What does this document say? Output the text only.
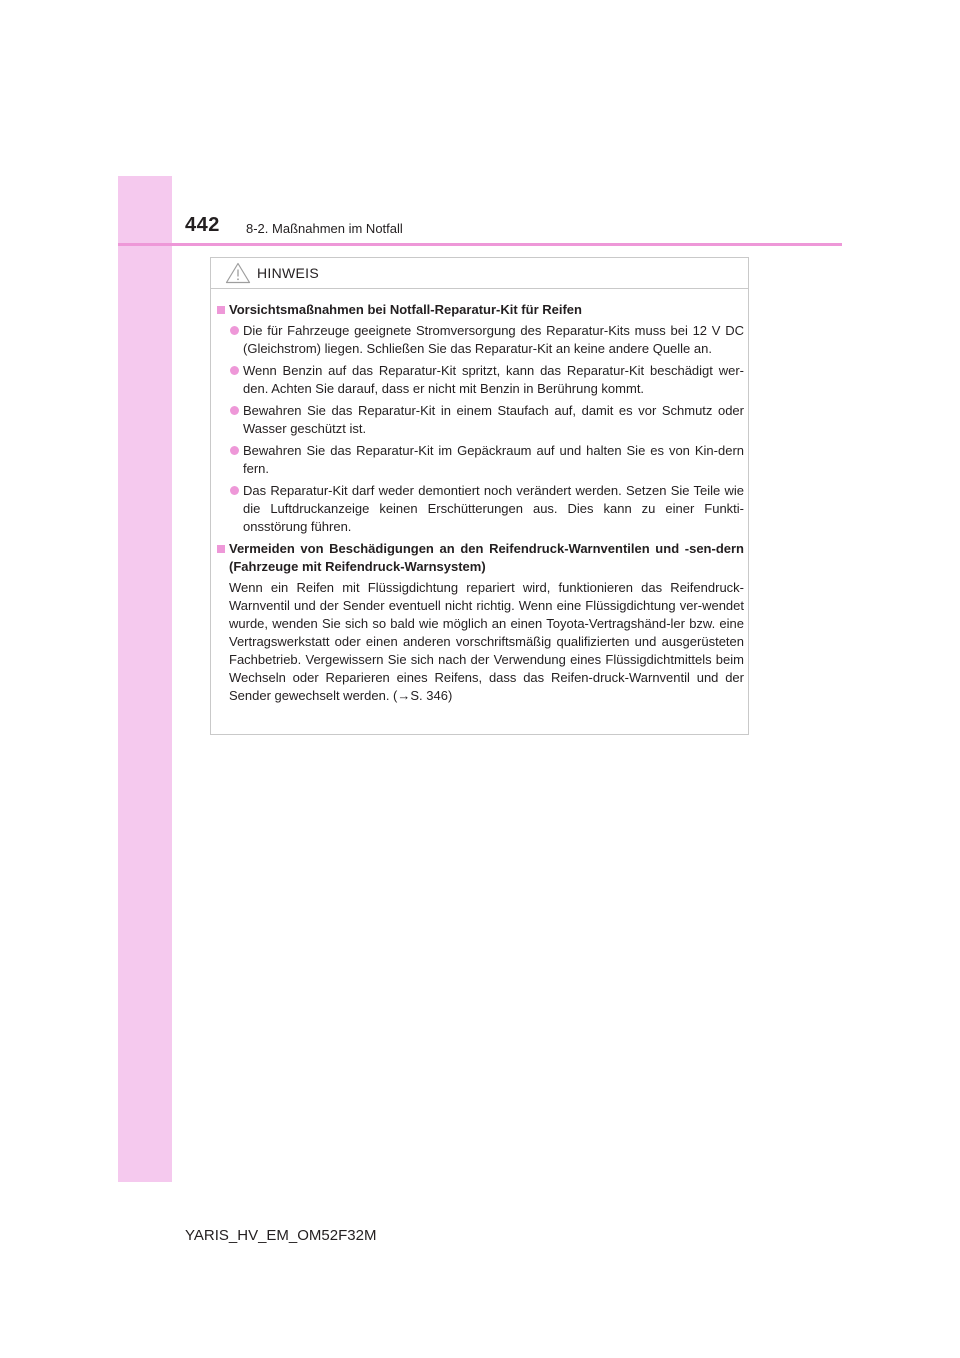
442 8-2. Maßnahmen im Notfall
HINWEIS
Vorsichtsmaßnahmen bei Notfall-Reparatur-Kit für Reifen
Die für Fahrzeuge geeignete Stromversorgung des Reparatur-Kits muss bei 12 V DC (Gleichstrom) liegen. Schließen Sie das Reparatur-Kit an keine andere Quelle an.
Wenn Benzin auf das Reparatur-Kit spritzt, kann das Reparatur-Kit beschädigt wer-den. Achten Sie darauf, dass er nicht mit Benzin in Berührung kommt.
Bewahren Sie das Reparatur-Kit in einem Staufach auf, damit es vor Schmutz oder Wasser geschützt ist.
Bewahren Sie das Reparatur-Kit im Gepäckraum auf und halten Sie es von Kin-dern fern.
Das Reparatur-Kit darf weder demontiert noch verändert werden. Setzen Sie Teile wie die Luftdruckanzeige keinen Erschütterungen aus. Dies kann zu einer Funkti-onsstörung führen.
Vermeiden von Beschädigungen an den Reifendruck-Warnventilen und -sen-dern (Fahrzeuge mit Reifendruck-Warnsystem)
Wenn ein Reifen mit Flüssigdichtung repariert wird, funktionieren das Reifendruck-Warnventil und der Sender eventuell nicht richtig. Wenn eine Flüssigdichtung ver-wendet wurde, wenden Sie sich so bald wie möglich an einen Toyota-Vertragshänd-ler bzw. eine Vertragswerkstatt oder einen anderen vorschriftsmäßig qualifizierten und ausgerüsteten Fachbetrieb. Vergewissern Sie sich nach der Verwendung eines Flüssigdichtmittels beim Wechseln oder Reparieren eines Reifens, dass das Reifen-druck-Warnventil und der Sender gewechselt werden. (→S. 346)
YARIS_HV_EM_OM52F32M
